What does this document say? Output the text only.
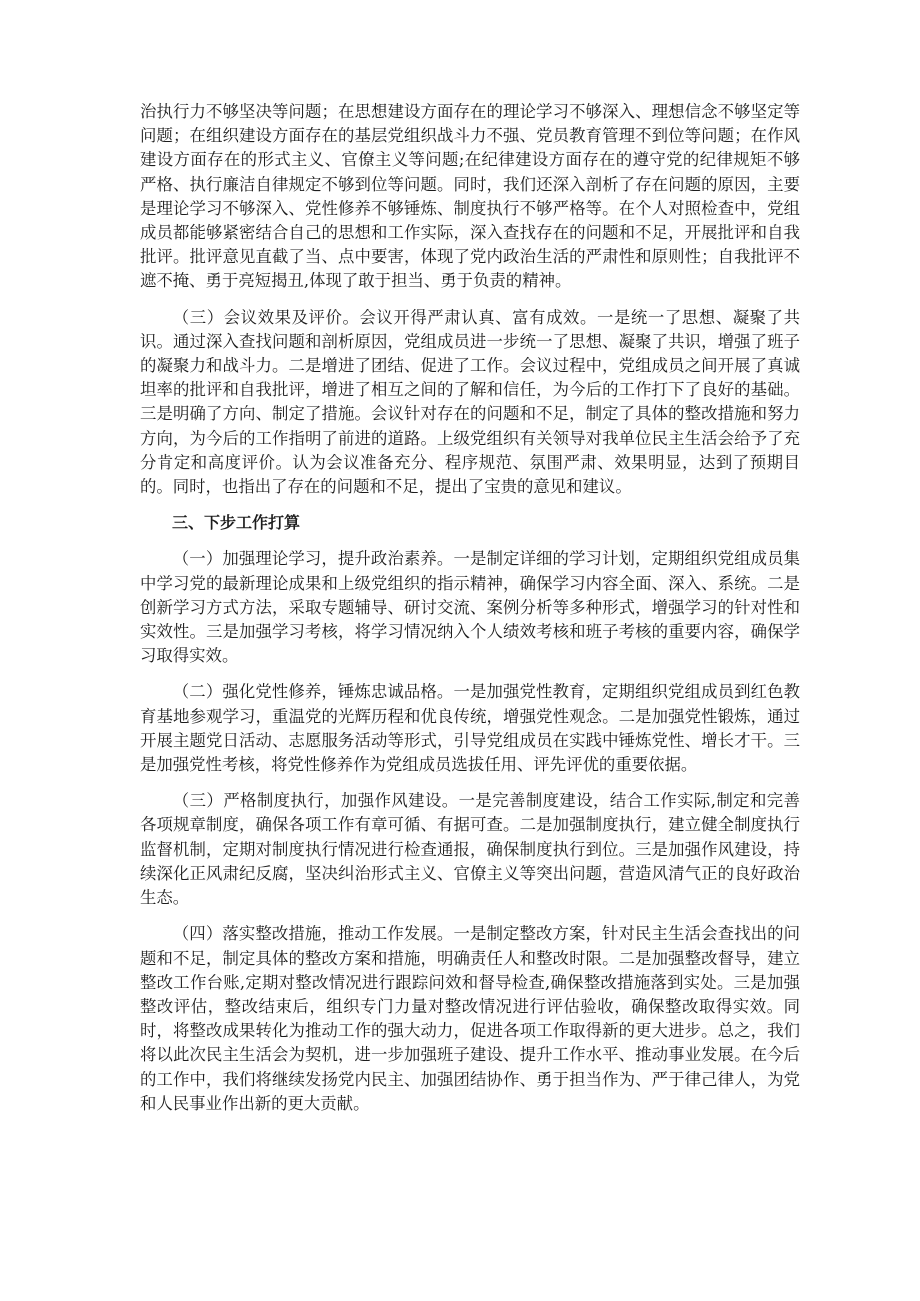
治执行力不够坚决等问题；在思想建设方面存在的理论学习不够深入、理想信念不够坚定等问题；在组织建设方面存在的基层党组织战斗力不强、党员教育管理不到位等问题；在作风建设方面存在的形式主义、官僚主义等问题;在纪律建设方面存在的遵守党的纪律规矩不够严格、执行廉洁自律规定不够到位等问题。同时，我们还深入剖析了存在问题的原因，主要是理论学习不够深入、党性修养不够锤炼、制度执行不够严格等。在个人对照检查中，党组成员都能够紧密结合自己的思想和工作实际，深入查找存在的问题和不足，开展批评和自我批评。批评意见直截了当、点中要害，体现了党内政治生活的严肃性和原则性；自我批评不遮不掩、勇于亮短揭丑,体现了敢于担当、勇于负责的精神。

（三）会议效果及评价。会议开得严肃认真、富有成效。一是统一了思想、凝聚了共识。通过深入查找问题和剖析原因，党组成员进一步统一了思想、凝聚了共识，增强了班子的凝聚力和战斗力。二是增进了团结、促进了工作。会议过程中，党组成员之间开展了真诚坦率的批评和自我批评，增进了相互之间的了解和信任，为今后的工作打下了良好的基础。三是明确了方向、制定了措施。会议针对存在的问题和不足，制定了具体的整改措施和努力方向，为今后的工作指明了前进的道路。上级党组织有关领导对我单位民主生活会给予了充分肯定和高度评价。认为会议准备充分、程序规范、氛围严肃、效果明显，达到了预期目的。同时，也指出了存在的问题和不足，提出了宝贵的意见和建议。

三、下步工作打算

（一）加强理论学习，提升政治素养。一是制定详细的学习计划，定期组织党组成员集中学习党的最新理论成果和上级党组织的指示精神，确保学习内容全面、深入、系统。二是创新学习方式方法，采取专题辅导、研讨交流、案例分析等多种形式，增强学习的针对性和实效性。三是加强学习考核，将学习情况纳入个人绩效考核和班子考核的重要内容，确保学习取得实效。

（二）强化党性修养，锤炼忠诚品格。一是加强党性教育，定期组织党组成员到红色教育基地参观学习，重温党的光辉历程和优良传统，增强党性观念。二是加强党性锻炼，通过开展主题党日活动、志愿服务活动等形式，引导党组成员在实践中锤炼党性、增长才干。三是加强党性考核，将党性修养作为党组成员选拔任用、评先评优的重要依据。

（三）严格制度执行，加强作风建设。一是完善制度建设，结合工作实际,制定和完善各项规章制度，确保各项工作有章可循、有据可查。二是加强制度执行，建立健全制度执行监督机制，定期对制度执行情况进行检查通报，确保制度执行到位。三是加强作风建设，持续深化正风肃纪反腐，坚决纠治形式主义、官僚主义等突出问题，营造风清气正的良好政治生态。

（四）落实整改措施，推动工作发展。一是制定整改方案，针对民主生活会查找出的问题和不足，制定具体的整改方案和措施，明确责任人和整改时限。二是加强整改督导，建立整改工作台账,定期对整改情况进行跟踪问效和督导检查,确保整改措施落到实处。三是加强整改评估，整改结束后，组织专门力量对整改情况进行评估验收，确保整改取得实效。同时，将整改成果转化为推动工作的强大动力，促进各项工作取得新的更大进步。总之，我们将以此次民主生活会为契机，进一步加强班子建设、提升工作水平、推动事业发展。在今后的工作中，我们将继续发扬党内民主、加强团结协作、勇于担当作为、严于律己律人，为党和人民事业作出新的更大贡献。
